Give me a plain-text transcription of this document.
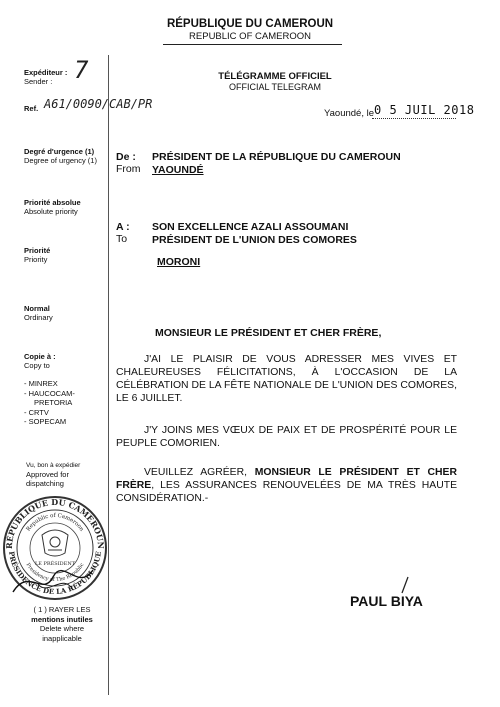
RÉPUBLIQUE DU CAMEROUN
REPUBLIC OF CAMEROON
Expéditeur :
Sender : 7
Ref. A61/0090/CAB/PR
Degré d'urgence (1)
Degree of urgency (1)
Priorité absolue
Absolute priority
Priorité
Priority
Normal
Ordinary
Copie à :
Copy to
- MINREX
- HAUCOCAM-
PRETORIA
- CRTV
- SOPECAM
Vu, bon à expédier
Approved for
dispatching
RÉPUBLIQUE DU CAMEROUN
PRÉSIDENCE DE LA RÉPUBLIQUE
Republic of Cameroon
Presidency of The Republic
LE PRÉSIDENT
( 1 ) RAYER LES
mentions inutiles
Delete where
inapplicable
TÉLÉGRAMME OFFICIEL
OFFICIAL TELEGRAM
Yaoundé, le 0 5 JUIL 2018
De :
From
PRÉSIDENT DE LA RÉPUBLIQUE DU CAMEROUN
YAOUNDÉ
A :
To
SON EXCELLENCE AZALI ASSOUMANI
PRÉSIDENT DE L'UNION DES COMORES
MORONI
MONSIEUR LE PRÉSIDENT ET CHER FRÈRE,
J'AI LE PLAISIR DE VOUS ADRESSER MES VIVES ET CHALEUREUSES FÉLICITATIONS, À L'OCCASION DE LA CÉLÉBRATION DE LA FÊTE NATIONALE DE L'UNION DES COMORES, LE 6 JUILLET.
J'Y JOINS MES VŒUX DE PAIX ET DE PROSPÉRITÉ POUR LE PEUPLE COMORIEN.
VEUILLEZ AGRÉER, MONSIEUR LE PRÉSIDENT ET CHER FRÈRE, LES ASSURANCES RENOUVELÉES DE MA TRÈS HAUTE CONSIDÉRATION.-
PAUL BIYA
